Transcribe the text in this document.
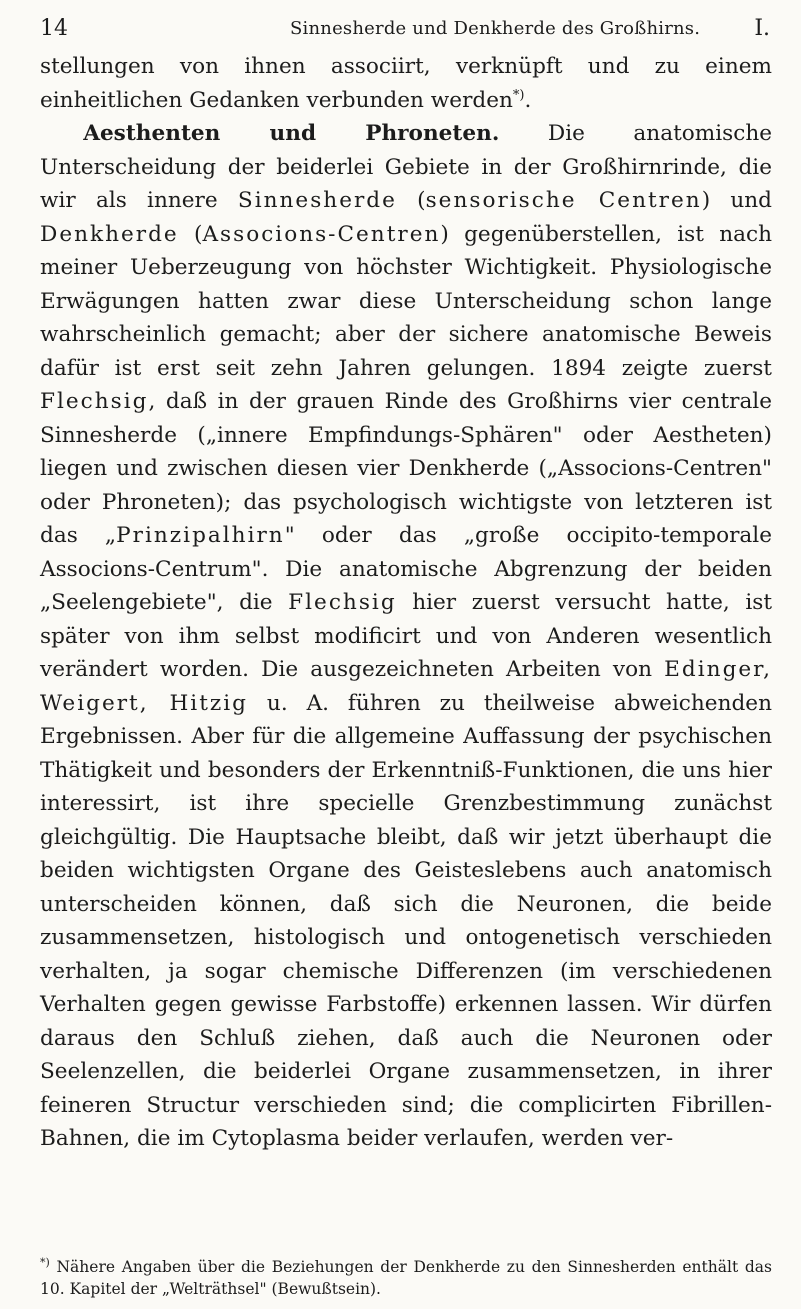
14	Sinnesherde und Denkherde des Großhirns. I.

stellungen von ihnen associirt, verknüpft und zu einem einheitlichen Gedanken verbunden werden*).

  Aesthenten und Phroneten. Die anatomische Unterscheidung der beiderlei Gebiete in der Großhirnrinde, die wir als innere Sinnesherde (sensorische Centren) und Denkherde (Associons-Centren) gegenüberstellen, ist nach meiner Ueberzeugung von höchster Wichtigkeit. Physiologische Erwägungen hatten zwar diese Unterscheidung schon lange wahrscheinlich gemacht; aber der sichere anatomische Beweis dafür ist erst seit zehn Jahren gelungen. 1894 zeigte zuerst Flechsig, daß in der grauen Rinde des Großhirns vier centrale Sinnesherde („innere Empfindungs-Sphären" oder Aestheten) liegen und zwischen diesen vier Denkherde („Associons-Centren" oder Phroneten); das psychologisch wichtigste von letzteren ist das „Prinzipalhirn" oder das „große occipito-temporale Associons-Centrum". Die anatomische Abgrenzung der beiden „Seelengebiete", die Flechsig hier zuerst versucht hatte, ist später von ihm selbst modificirt und von Anderen wesentlich verändert worden. Die ausgezeichneten Arbeiten von Edinger, Weigert, Hitzig u. A. führen zu theilweise abweichenden Ergebnissen. Aber für die allgemeine Auffassung der psychischen Thätigkeit und besonders der Erkenntniß-Funktionen, die uns hier interessirt, ist ihre specielle Grenzbestimmung zunächst gleichgültig. Die Hauptsache bleibt, daß wir jetzt überhaupt die beiden wichtigsten Organe des Geisteslebens auch anatomisch unterscheiden können, daß sich die Neuronen, die beide zusammensetzen, histologisch und ontogenetisch verschieden verhalten, ja sogar chemische Differenzen (im verschiedenen Verhalten gegen gewisse Farbstoffe) erkennen lassen. Wir dürfen daraus den Schluß ziehen, daß auch die Neuronen oder Seelenzellen, die beiderlei Organe zusammensetzen, in ihrer feineren Structur verschieden sind; die complicirten Fibrillen-Bahnen, die im Cytoplasma beider verlaufen, werden ver-

*) Nähere Angaben über die Beziehungen der Denkherde zu den Sinnesherden enthält das 10. Kapitel der „Welträthsel" (Bewußtsein).
